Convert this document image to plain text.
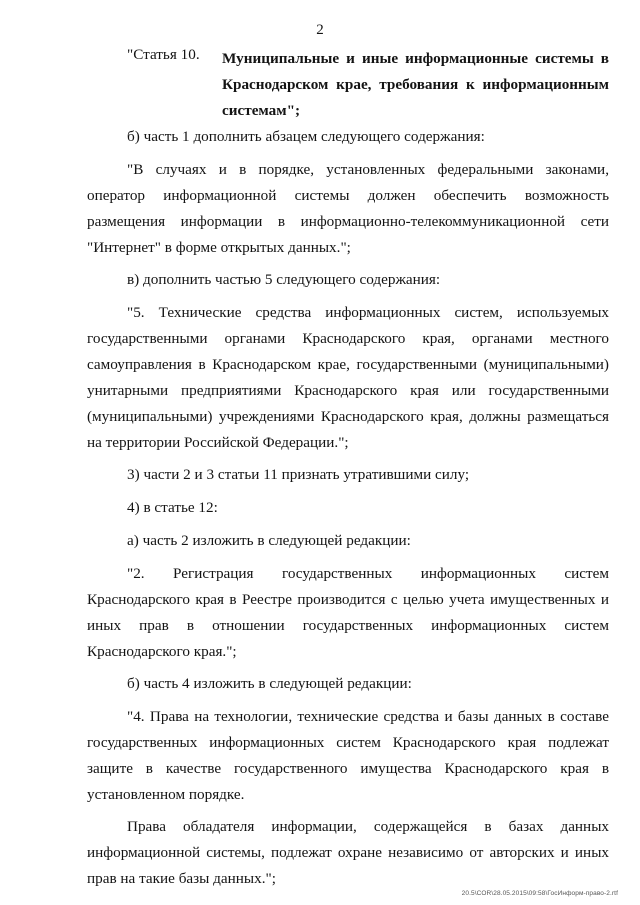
2
"Статья 10. Муниципальные и иные информационные системы в Краснодарском крае, требования к информационным системам";

б) часть 1 дополнить абзацем следующего содержания:

"В случаях и в порядке, установленных федеральными законами, оператор информационной системы должен обеспечить возможность размещения информации в информационно-телекоммуникационной сети "Интернет" в форме открытых данных.";

в) дополнить частью 5 следующего содержания:

"5. Технические средства информационных систем, используемых государственными органами Краснодарского края, органами местного самоуправления в Краснодарском крае, государственными (муниципальными) унитарными предприятиями Краснодарского края или государственными (муниципальными) учреждениями Краснодарского края, должны размещаться на территории Российской Федерации.";

3) части 2 и 3 статьи 11 признать утратившими силу;

4) в статье 12:

а) часть 2 изложить в следующей редакции:

"2. Регистрация государственных информационных систем Краснодарского края в Реестре производится с целью учета имущественных и иных прав в отношении государственных информационных систем Краснодарского края.";

б) часть 4 изложить в следующей редакции:

"4. Права на технологии, технические средства и базы данных в составе государственных информационных систем Краснодарского края подлежат защите в качестве государственного имущества Краснодарского края в установленном порядке.

Права обладателя информации, содержащейся в базах данных информационной системы, подлежат охране независимо от авторских и иных прав на такие базы данных.";

20.5\COR\28.05.2015\09:58\ГосИнформ-право-2.rtf
